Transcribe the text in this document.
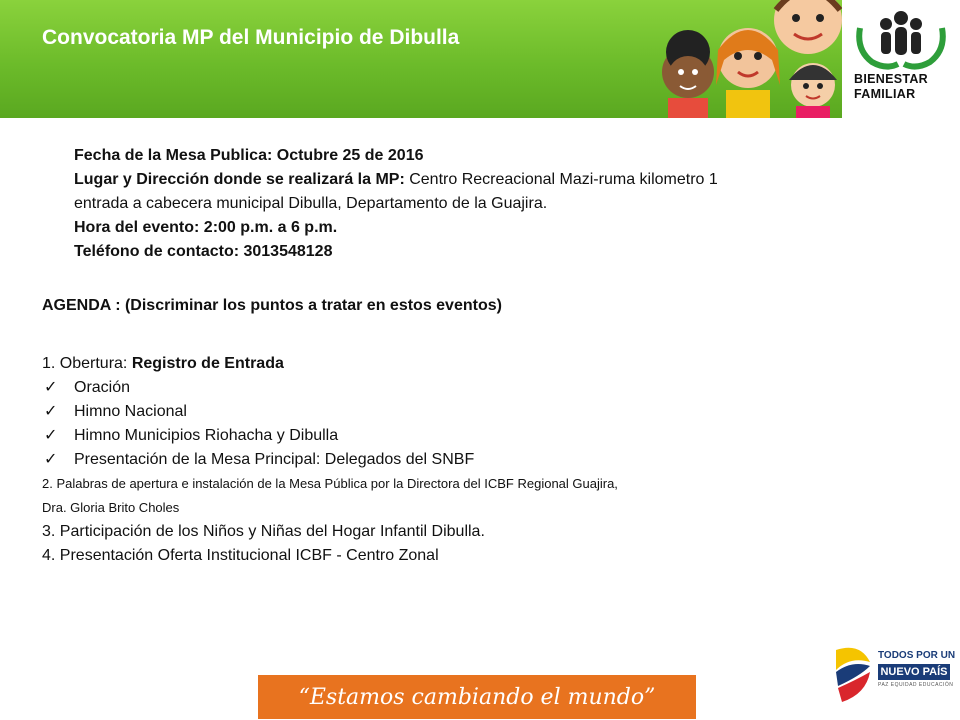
Convocatoria MP del Municipio de Dibulla
BIENESTAR
FAMILIAR
Fecha de la Mesa Publica: Octubre 25 de 2016
Lugar y Dirección donde se realizará la MP: Centro Recreacional Mazi-ruma kilometro 1
entrada a cabecera municipal Dibulla, Departamento de la Guajira.
Hora del evento: 2:00 p.m. a 6 p.m.
Teléfono de contacto: 3013548128
AGENDA : (Discriminar los puntos a tratar en estos eventos)
1. Obertura: Registro de Entrada
✓ Oración
✓ Himno Nacional
✓ Himno Municipios Riohacha y Dibulla
✓ Presentación de la Mesa Principal: Delegados del SNBF
2. Palabras de apertura e instalación de la Mesa Pública por la Directora del ICBF Regional Guajira,
Dra. Gloria Brito Choles
3. Participación de los Niños y Niñas del Hogar Infantil Dibulla.
4. Presentación Oferta Institucional ICBF - Centro Zonal
“Estamos cambiando el mundo”
TODOS POR UN
NUEVO PAÍS
PAZ EQUIDAD EDUCACIÓN
